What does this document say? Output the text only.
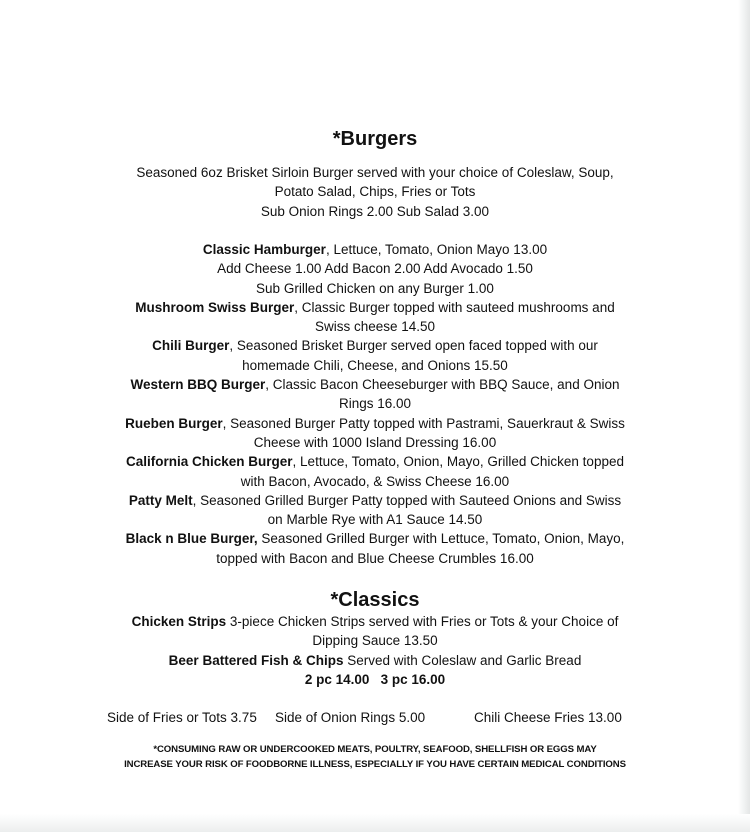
*Burgers
Seasoned 6oz Brisket Sirloin Burger served with your choice of Coleslaw, Soup,
Potato Salad, Chips, Fries or Tots
Sub Onion Rings 2.00 Sub Salad 3.00
Classic Hamburger, Lettuce, Tomato, Onion Mayo 13.00
Add Cheese 1.00 Add Bacon 2.00 Add Avocado 1.50
Sub Grilled Chicken on any Burger 1.00
Mushroom Swiss Burger, Classic Burger topped with sauteed mushrooms and
Swiss cheese 14.50
Chili Burger, Seasoned Brisket Burger served open faced topped with our
homemade Chili, Cheese, and Onions 15.50
Western BBQ Burger, Classic Bacon Cheeseburger with BBQ Sauce, and Onion
Rings 16.00
Rueben Burger, Seasoned Burger Patty topped with Pastrami, Sauerkraut & Swiss
Cheese with 1000 Island Dressing 16.00
California Chicken Burger, Lettuce, Tomato, Onion, Mayo, Grilled Chicken topped
with Bacon, Avocado, & Swiss Cheese 16.00
Patty Melt, Seasoned Grilled Burger Patty topped with Sauteed Onions and Swiss
on Marble Rye with A1 Sauce 14.50
Black n Blue Burger, Seasoned Grilled Burger with Lettuce, Tomato, Onion, Mayo,
topped with Bacon and Blue Cheese Crumbles 16.00
*Classics
Chicken Strips 3-piece Chicken Strips served with Fries or Tots & your Choice of
Dipping Sauce 13.50
Beer Battered Fish & Chips Served with Coleslaw and Garlic Bread
2 pc 14.00   3 pc 16.00
Side of Fries or Tots 3.75 Side of Onion Rings 5.00	Chili Cheese Fries 13.00
*CONSUMING RAW OR UNDERCOOKED MEATS, POULTRY, SEAFOOD, SHELLFISH OR EGGS MAY
INCREASE YOUR RISK OF FOODBORNE ILLNESS, ESPECIALLY IF YOU HAVE CERTAIN MEDICAL CONDITIONS
